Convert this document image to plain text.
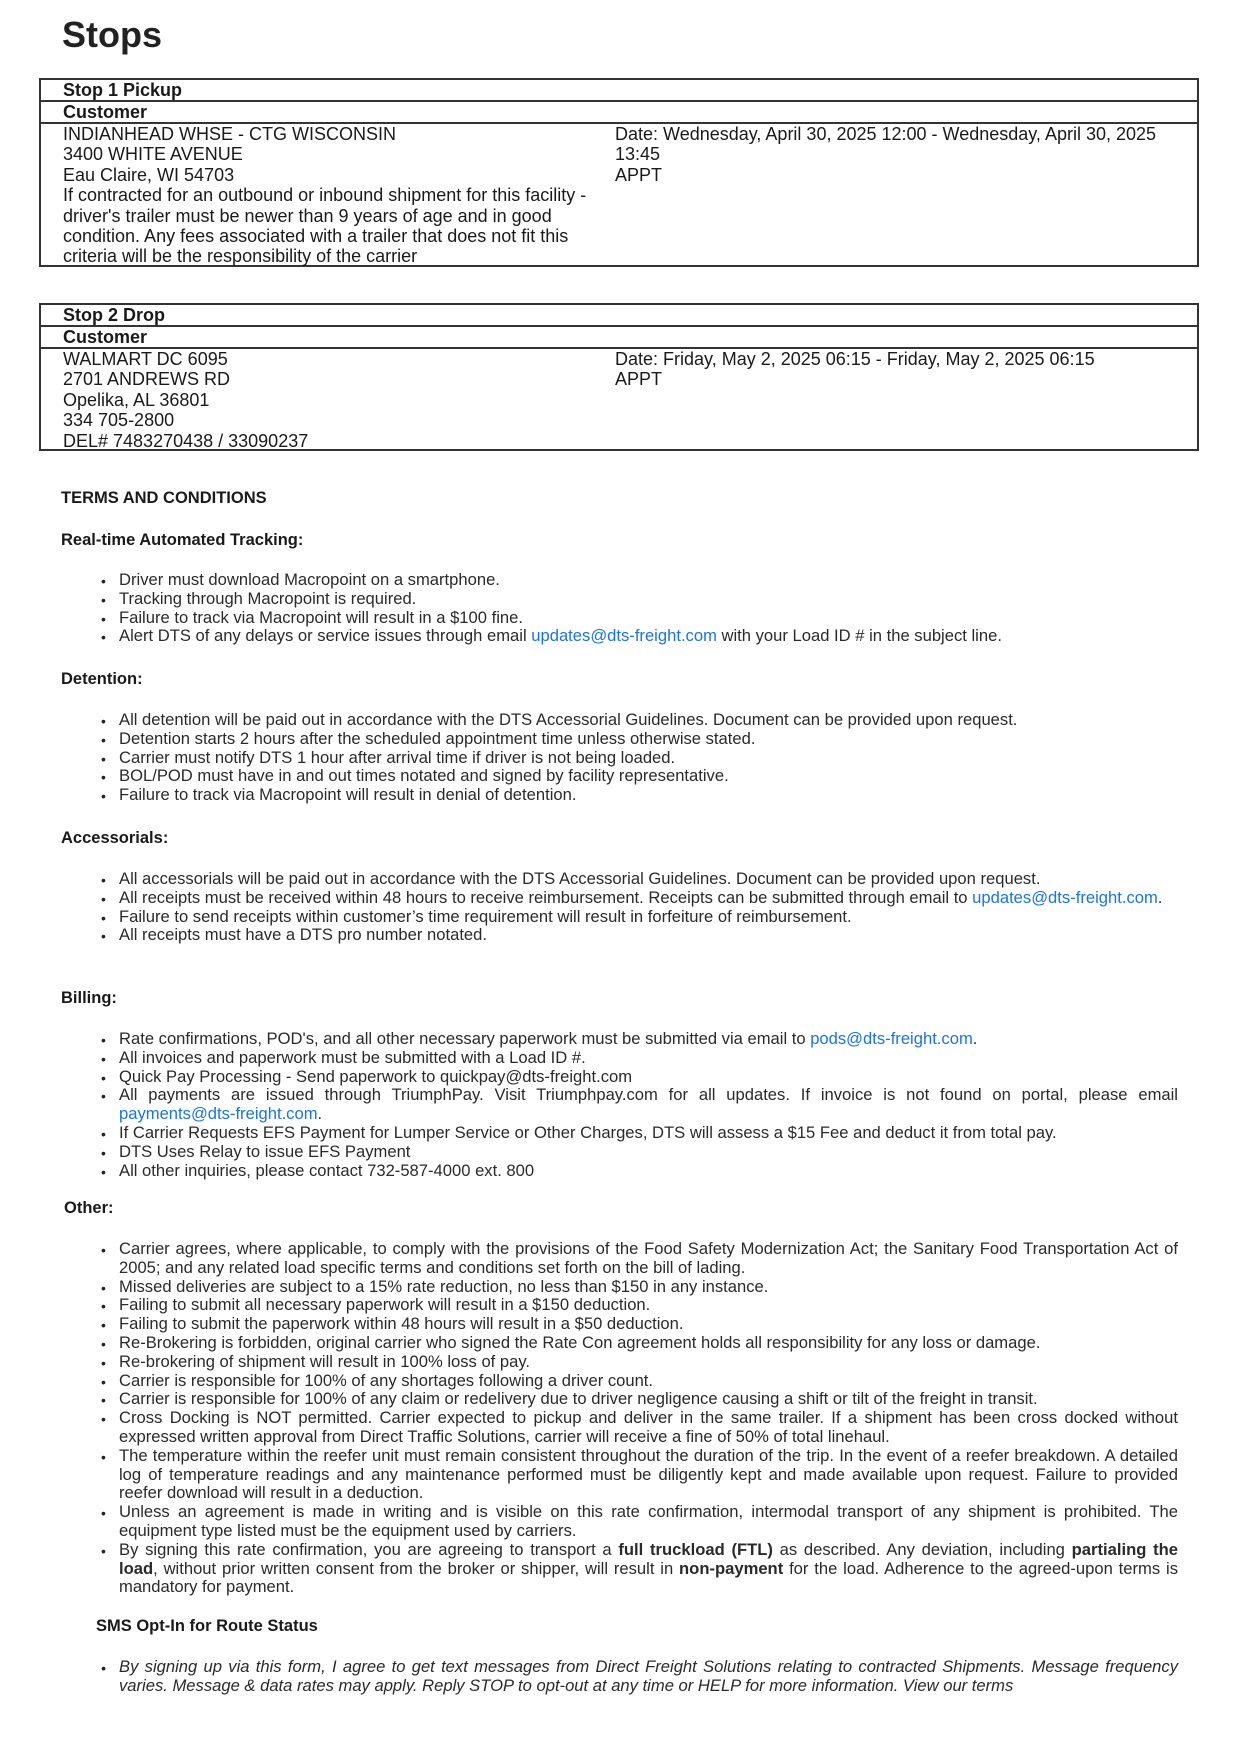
Stops
Stop 1 Pickup
Customer
INDIANHEAD WHSE - CTG WISCONSIN
3400 WHITE AVENUE
Eau Claire, WI 54703
If contracted for an outbound or inbound shipment for this facility - driver's trailer must be newer than 9 years of age and in good condition. Any fees associated with a trailer that does not fit this criteria will be the responsibility of the carrier
Date: Wednesday, April 30, 2025 12:00 - Wednesday, April 30, 2025 13:45
APPT
Stop 2 Drop
Customer
WALMART DC 6095
2701 ANDREWS RD
Opelika, AL 36801
334 705-2800
DEL# 7483270438 / 33090237
Date: Friday, May 2, 2025 06:15 - Friday, May 2, 2025 06:15
APPT

TERMS AND CONDITIONS

Real-time Automated Tracking:

• Driver must download Macropoint on a smartphone.
• Tracking through Macropoint is required.
• Failure to track via Macropoint will result in a $100 fine.
• Alert DTS of any delays or service issues through email updates@dts-freight.com with your Load ID # in the subject line.

Detention:

• All detention will be paid out in accordance with the DTS Accessorial Guidelines. Document can be provided upon request.
• Detention starts 2 hours after the scheduled appointment time unless otherwise stated.
• Carrier must notify DTS 1 hour after arrival time if driver is not being loaded.
• BOL/POD must have in and out times notated and signed by facility representative.
• Failure to track via Macropoint will result in denial of detention.

Accessorials:

• All accessorials will be paid out in accordance with the DTS Accessorial Guidelines. Document can be provided upon request.
• All receipts must be received within 48 hours to receive reimbursement. Receipts can be submitted through email to updates@dts-freight.com.
• Failure to send receipts within customer’s time requirement will result in forfeiture of reimbursement.
• All receipts must have a DTS pro number notated.

Billing:

• Rate confirmations, POD's, and all other necessary paperwork must be submitted via email to pods@dts-freight.com.
• All invoices and paperwork must be submitted with a Load ID #.
• Quick Pay Processing - Send paperwork to quickpay@dts-freight.com
• All payments are issued through TriumphPay. Visit Triumphpay.com for all updates. If invoice is not found on portal, please email payments@dts-freight.com.
• If Carrier Requests EFS Payment for Lumper Service or Other Charges, DTS will assess a $15 Fee and deduct it from total pay.
• DTS Uses Relay to issue EFS Payment
• All other inquiries, please contact 732-587-4000 ext. 800

Other:

• Carrier agrees, where applicable, to comply with the provisions of the Food Safety Modernization Act; the Sanitary Food Transportation Act of 2005; and any related load specific terms and conditions set forth on the bill of lading.
• Missed deliveries are subject to a 15% rate reduction, no less than $150 in any instance.
• Failing to submit all necessary paperwork will result in a $150 deduction.
• Failing to submit the paperwork within 48 hours will result in a $50 deduction.
• Re-Brokering is forbidden, original carrier who signed the Rate Con agreement holds all responsibility for any loss or damage.
• Re-brokering of shipment will result in 100% loss of pay.
• Carrier is responsible for 100% of any shortages following a driver count.
• Carrier is responsible for 100% of any claim or redelivery due to driver negligence causing a shift or tilt of the freight in transit.
• Cross Docking is NOT permitted. Carrier expected to pickup and deliver in the same trailer. If a shipment has been cross docked without expressed written approval from Direct Traffic Solutions, carrier will receive a fine of 50% of total linehaul.
• The temperature within the reefer unit must remain consistent throughout the duration of the trip. In the event of a reefer breakdown. A detailed log of temperature readings and any maintenance performed must be diligently kept and made available upon request. Failure to provided reefer download will result in a deduction.
• Unless an agreement is made in writing and is visible on this rate confirmation, intermodal transport of any shipment is prohibited. The equipment type listed must be the equipment used by carriers.
• By signing this rate confirmation, you are agreeing to transport a full truckload (FTL) as described. Any deviation, including partialing the load, without prior written consent from the broker or shipper, will result in non-payment for the load. Adherence to the agreed-upon terms is mandatory for payment.

SMS Opt-In for Route Status

• By signing up via this form, I agree to get text messages from Direct Freight Solutions relating to contracted Shipments. Message frequency varies. Message & data rates may apply. Reply STOP to opt-out at any time or HELP for more information. View our terms
